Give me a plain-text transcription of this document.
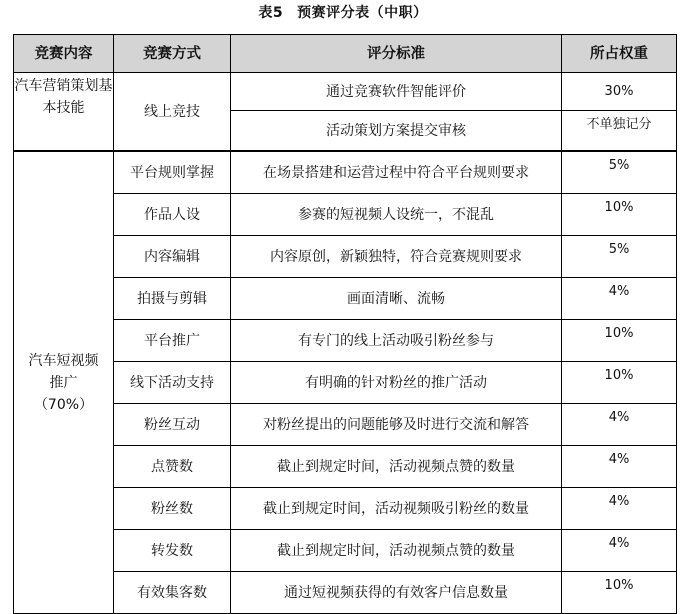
表5 预赛评分表（中职）
竞赛内容	竞赛方式	评分标准	所占权重
汽车营销策划基本技能	线上竞技	通过竞赛软件智能评价	30%
		活动策划方案提交审核	不单独记分
汽车短视频
推广
（70%）	平台规则掌握	在场景搭建和运营过程中符合平台规则要求	5%
	作品人设	参赛的短视频人设统一，不混乱	10%
	内容编辑	内容原创，新颖独特，符合竞赛规则要求	5%
	拍摄与剪辑	画面清晰、流畅	4%
	平台推广	有专门的线上活动吸引粉丝参与	10%
	线下活动支持	有明确的针对粉丝的推广活动	10%
	粉丝互动	对粉丝提出的问题能够及时进行交流和解答	4%
	点赞数	截止到规定时间，活动视频点赞的数量	4%
	粉丝数	截止到规定时间，活动视频吸引粉丝的数量	4%
	转发数	截止到规定时间，活动视频点赞的数量	4%
	有效集客数	通过短视频获得的有效客户信息数量	10%
